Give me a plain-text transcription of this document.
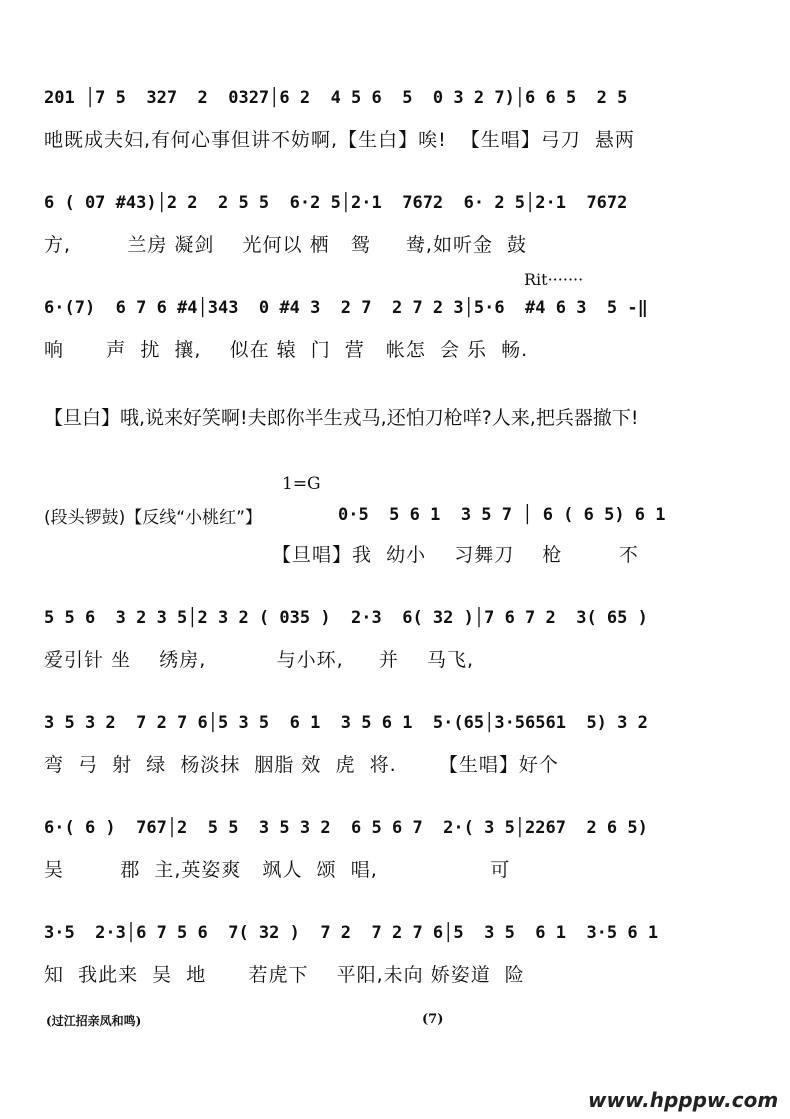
201 │7 5  327  2  0327│6 2  4 5 6  5  0 3 2 7)│6 6 5  2 5
吔既成夫妇,有何心事但讲不妨啊,【生白】唉!  【生唱】弓刀  悬两
6 ( 07 #43)│2 2  2 5 5  6·2 5│2·1  7672  6· 2 5│2·1  7672
方,        兰房 凝剑    光何以 栖   鸳     鸯,如听金  鼓
Rit·······
6·(7)  6 7 6 #4│343  0 #4 3  2 7  2 7 2 3│5·6  #4 6 3  5 -‖
响      声  扰  攘,    似在 辕  门  营   帐怎  会 乐  畅.
【旦白】哦,说来好笑啊!夫郎你半生戎马,还怕刀枪咩?人来,把兵器撤下!
1=G
(段头锣鼓)【反线“小桃红”】	0·5  5 6 1  3 5 7 │ 6 ( 6 5) 6 1
【旦唱】我  幼小    习舞刀    枪        不
5 5 6  3 2 3 5│2 3 2 ( 035 )  2·3  6( 32 )│7 6 7 2  3( 65 )
爱引针 坐    绣房,          与小环,     并    马飞,
3 5 3 2  7 2 7 6│5 3 5  6 1  3 5 6 1  5·(65│3·56561  5) 3 2
弯  弓  射  绿  杨淡抹  胭脂 效  虎  将.      【生唱】好个
6·( 6 )  767│2  5 5  3 5 3 2  6 5 6 7  2·( 3 5│2267  2 6 5)
吴        郡  主,英姿爽   飒人  颂  唱,                可
3·5  2·3│6 7 5 6  7( 32 )  7 2  7 2 7 6│5  3 5  6 1  3·5 6 1
知  我此来  吴  地      若虎下    平阳,未向 娇姿道  险
(过江招亲凤和鸣)	(7)
www.hpppw.com
